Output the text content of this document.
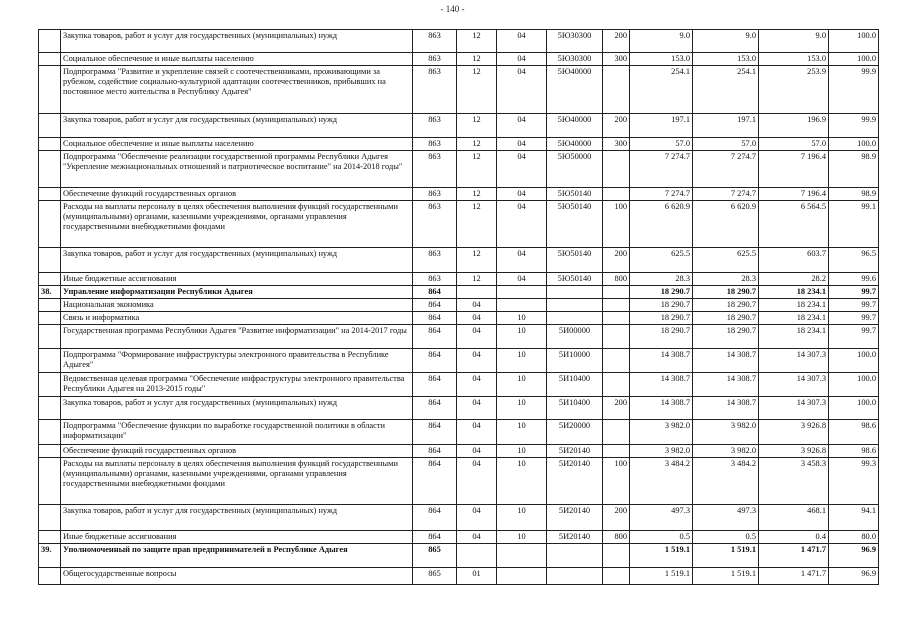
- 140 -
	Закупка товаров, работ и услуг для государственных (муниципальных) нужд	863	12	04	5Ю30300	200	9.0	9.0	9.0	100.0
	Социальное обеспечение и иные выплаты населению	863	12	04	5Ю30300	300	153.0	153.0	153.0	100.0
	Подпрограмма "Развитие и укрепление связей с соотечественниками, проживающими за рубежом, содействие социально-культурной адаптации соотечественников, прибывших на постоянное место жительства в Республику Адыгея"	863	12	04	5Ю40000		254.1	254.1	253.9	99.9
	Закупка товаров, работ и услуг для государственных (муниципальных) нужд	863	12	04	5Ю40000	200	197.1	197.1	196.9	99.9
	Социальное обеспечение и иные выплаты населению	863	12	04	5Ю40000	300	57.0	57.0	57.0	100.0
	Подпрограмма "Обеспечение реализации государственной программы Республики Адыгея "Укрепление межнациональных отношений и патриотическое воспитание" на 2014-2018 годы"	863	12	04	5Ю50000		7 274.7	7 274.7	7 196.4	98.9
	Обеспечение функций государственных органов	863	12	04	5Ю50140		7 274.7	7 274.7	7 196.4	98.9
	Расходы на выплаты персоналу в целях обеспечения выполнения функций государственными (муниципальными) органами, казенными учреждениями, органами управления государственными внебюджетными фондами	863	12	04	5Ю50140	100	6 620.9	6 620.9	6 564.5	99.1
	Закупка товаров, работ и услуг для государственных (муниципальных) нужд	863	12	04	5Ю50140	200	625.5	625.5	603.7	96.5
	Иные бюджетные ассигнования	863	12	04	5Ю50140	800	28.3	28.3	28.2	99.6
38.	Управление информатизации Республики Адыгея	864					18 290.7	18 290.7	18 234.1	99.7
	Национальная экономика	864	04				18 290.7	18 290.7	18 234.1	99.7
	Связь и информатика	864	04	10			18 290.7	18 290.7	18 234.1	99.7
	Государственная программа Республики Адыгея "Развитие информатизации" на 2014-2017 годы	864	04	10	5И00000		18 290.7	18 290.7	18 234.1	99.7
	Подпрограмма "Формирование инфраструктуры электронного правительства в Республике Адыгея"	864	04	10	5И10000		14 308.7	14 308.7	14 307.3	100.0
	Ведомственная целевая программа "Обеспечение инфраструктуры электронного правительства Республики Адыгея на 2013-2015 годы"	864	04	10	5И10400		14 308.7	14 308.7	14 307.3	100.0
	Закупка товаров, работ и услуг для государственных (муниципальных) нужд	864	04	10	5И10400	200	14 308.7	14 308.7	14 307.3	100.0
	Подпрограмма "Обеспечение функции по выработке государственной политики в области информатизации"	864	04	10	5И20000		3 982.0	3 982.0	3 926.8	98.6
	Обеспечение функций государственных органов	864	04	10	5И20140		3 982.0	3 982.0	3 926.8	98.6
	Расходы на выплаты персоналу в целях обеспечения выполнения функций государственными (муниципальными) органами, казенными учреждениями, органами управления государственными внебюджетными фондами	864	04	10	5И20140	100	3 484.2	3 484.2	3 458.3	99.3
	Закупка товаров, работ и услуг для государственных (муниципальных) нужд	864	04	10	5И20140	200	497.3	497.3	468.1	94.1
	Иные бюджетные ассигнования	864	04	10	5И20140	800	0.5	0.5	0.4	80.0
39.	Уполномоченный по защите прав предпринимателей в Республике Адыгея	865					1 519.1	1 519.1	1 471.7	96.9
	Общегосударственные вопросы	865	01				1 519.1	1 519.1	1 471.7	96.9
